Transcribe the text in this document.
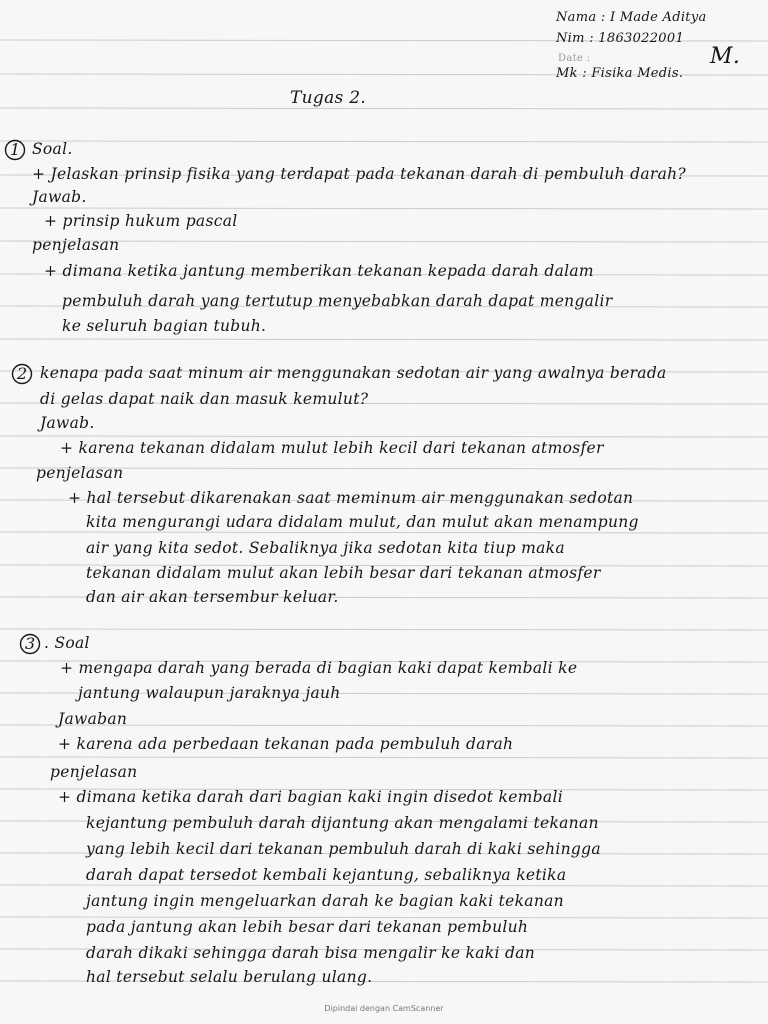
Nama : I Made Aditya
Nim : 1863022001
Date :	M.
Mk : Fisika Medis.
Tugas 2.
1 Soal.
+ Jelaskan prinsip fisika yang terdapat pada tekanan darah di pembuluh darah?
Jawab.
+ prinsip hukum pascal
penjelasan
+ dimana ketika jantung memberikan tekanan kepada darah dalam
pembuluh darah yang tertutup menyebabkan darah dapat mengalir
ke seluruh bagian tubuh.
2 kenapa pada saat minum air menggunakan sedotan air yang awalnya berada
di gelas dapat naik dan masuk kemulut?
Jawab.
+ karena tekanan didalam mulut lebih kecil dari tekanan atmosfer
penjelasan
+ hal tersebut dikarenakan saat meminum air menggunakan sedotan
kita mengurangi udara didalam mulut, dan mulut akan menampung
air yang kita sedot. Sebaliknya jika sedotan kita tiup maka
tekanan didalam mulut akan lebih besar dari tekanan atmosfer
dan air akan tersembur keluar.
3 . Soal
+ mengapa darah yang berada di bagian kaki dapat kembali ke
jantung walaupun jaraknya jauh
Jawaban
+ karena ada perbedaan tekanan pada pembuluh darah
penjelasan
+ dimana ketika darah dari bagian kaki ingin disedot kembali
kejantung pembuluh darah dijantung akan mengalami tekanan
yang lebih kecil dari tekanan pembuluh darah di kaki sehingga
darah dapat tersedot kembali kejantung, sebaliknya ketika
jantung ingin mengeluarkan darah ke bagian kaki tekanan
pada jantung akan lebih besar dari tekanan pembuluh
darah dikaki sehingga darah bisa mengalir ke kaki dan
hal tersebut selalu berulang ulang.
Dipindai dengan CamScanner
